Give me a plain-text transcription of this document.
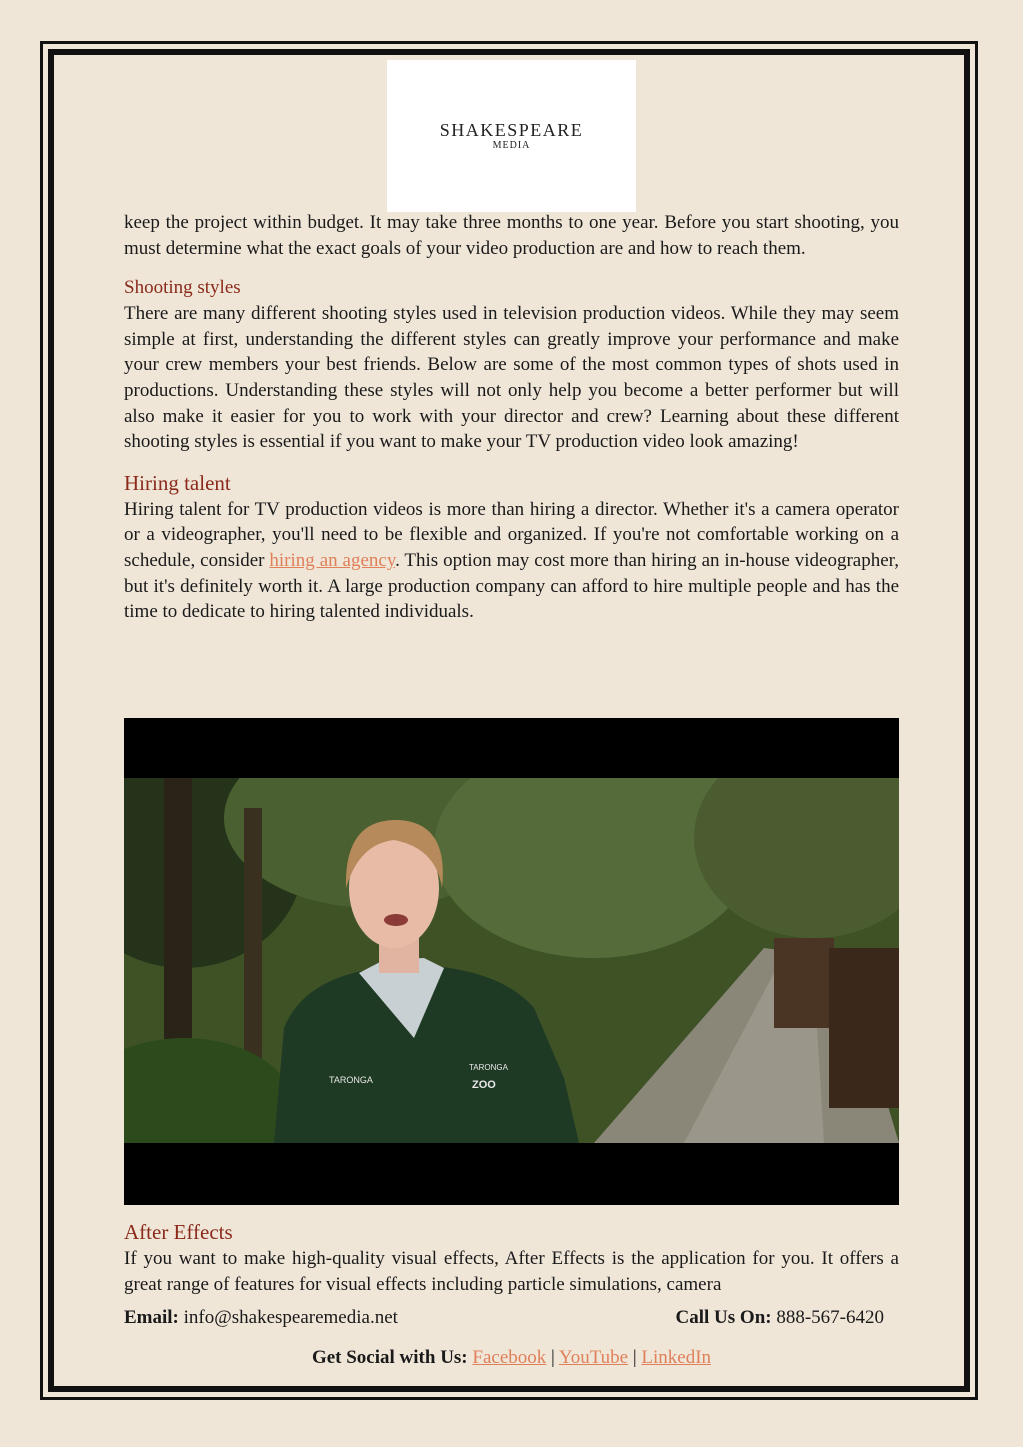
SHAKESPEARE
MEDIA

keep the project within budget. It may take three months to one year. Before you start shooting, you must determine what the exact goals of your video production are and how to reach them.

Shooting styles

There are many different shooting styles used in television production videos. While they may seem simple at first, understanding the different styles can greatly improve your performance and make your crew members your best friends. Below are some of the most common types of shots used in productions. Understanding these styles will not only help you become a better performer but will also make it easier for you to work with your director and crew? Learning about these different shooting styles is essential if you want to make your TV production video look amazing!

Hiring talent

Hiring talent for TV production videos is more than hiring a director. Whether it's a camera operator or a videographer, you'll need to be flexible and organized. If you're not comfortable working on a schedule, consider hiring an agency. This option may cost more than hiring an in-house videographer, but it's definitely worth it. A large production company can afford to hire multiple people and has the time to dedicate to hiring talented individuals.

TARONGA
TARONGA
ZOO
After Effects

If you want to make high-quality visual effects, After Effects is the application for you. It offers a great range of features for visual effects including particle simulations, camera

Email: info@shakespearemedia.net	Call Us On: 888-567-6420
Get Social with Us: Facebook | YouTube | LinkedIn
